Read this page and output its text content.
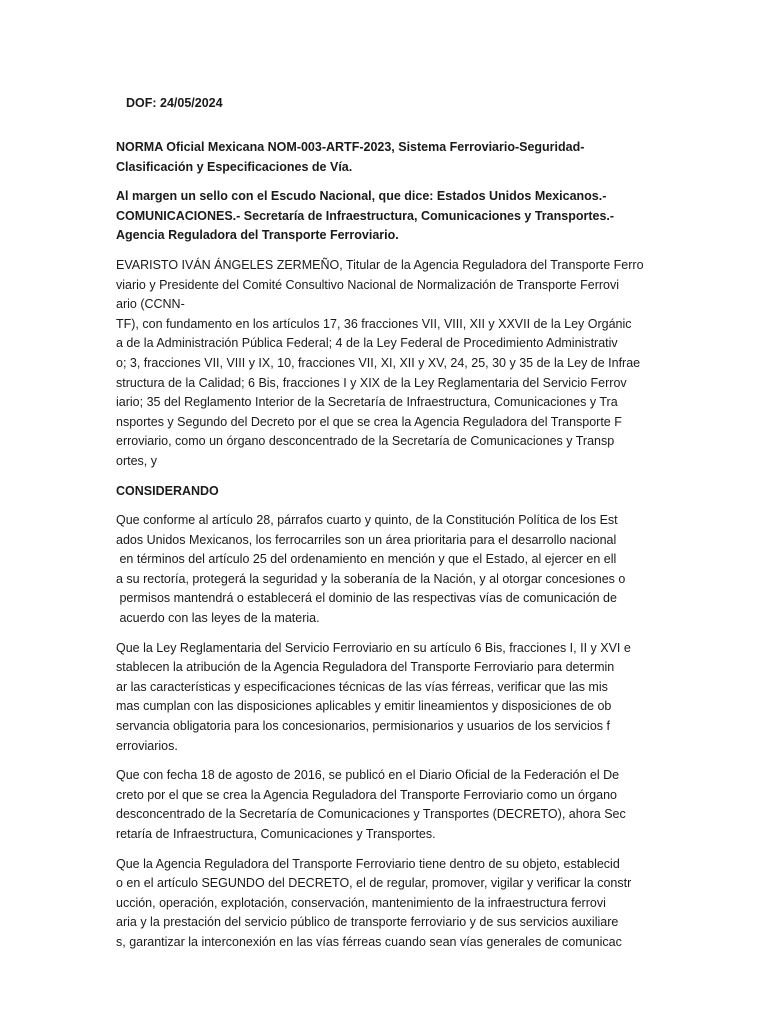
DOF: 24/05/2024

NORMA Oficial Mexicana NOM-003-ARTF-2023, Sistema Ferroviario-Seguridad-
Clasificación y Especificaciones de Vía.

Al margen un sello con el Escudo Nacional, que dice: Estados Unidos Mexicanos.-
COMUNICACIONES.- Secretaría de Infraestructura, Comunicaciones y Transportes.-
Agencia Reguladora del Transporte Ferroviario.

EVARISTO IVÁN ÁNGELES ZERMEÑO, Titular de la Agencia Reguladora del Transporte Ferro
viario y Presidente del Comité Consultivo Nacional de Normalización de Transporte Ferrovi
ario (CCNN-
TF), con fundamento en los artículos 17, 36 fracciones VII, VIII, XII y XXVII de la Ley Orgánic
a de la Administración Pública Federal; 4 de la Ley Federal de Procedimiento Administrativ
o; 3, fracciones VII, VIII y IX, 10, fracciones VII, XI, XII y XV, 24, 25, 30 y 35 de la Ley de Infrae
structura de la Calidad; 6 Bis, fracciones I y XIX de la Ley Reglamentaria del Servicio Ferrov
iario; 35 del Reglamento Interior de la Secretaría de Infraestructura, Comunicaciones y Tra
nsportes y Segundo del Decreto por el que se crea la Agencia Reguladora del Transporte F
erroviario, como un órgano desconcentrado de la Secretaría de Comunicaciones y Transp
ortes, y

CONSIDERANDO

Que conforme al artículo 28, párrafos cuarto y quinto, de la Constitución Política de los Est
ados Unidos Mexicanos, los ferrocarriles son un área prioritaria para el desarrollo nacional
en términos del artículo 25 del ordenamiento en mención y que el Estado, al ejercer en ell
a su rectoría, protegerá la seguridad y la soberanía de la Nación, y al otorgar concesiones o
permisos mantendrá o establecerá el dominio de las respectivas vías de comunicación de
acuerdo con las leyes de la materia.

Que la Ley Reglamentaria del Servicio Ferroviario en su artículo 6 Bis, fracciones I, II y XVI e
stablecen la atribución de la Agencia Reguladora del Transporte Ferroviario para determin
ar las características y especificaciones técnicas de las vías férreas, verificar que las mis
mas cumplan con las disposiciones aplicables y emitir lineamientos y disposiciones de ob
servancia obligatoria para los concesionarios, permisionarios y usuarios de los servicios f
erroviarios.

Que con fecha 18 de agosto de 2016, se publicó en el Diario Oficial de la Federación el De
creto por el que se crea la Agencia Reguladora del Transporte Ferroviario como un órgano
desconcentrado de la Secretaría de Comunicaciones y Transportes (DECRETO), ahora Sec
retaría de Infraestructura, Comunicaciones y Transportes.

Que la Agencia Reguladora del Transporte Ferroviario tiene dentro de su objeto, establecid
o en el artículo SEGUNDO del DECRETO, el de regular, promover, vigilar y verificar la constr
ucción, operación, explotación, conservación, mantenimiento de la infraestructura ferrovi
aria y la prestación del servicio público de transporte ferroviario y de sus servicios auxiliare
s, garantizar la interconexión en las vías férreas cuando sean vías generales de comunicac
